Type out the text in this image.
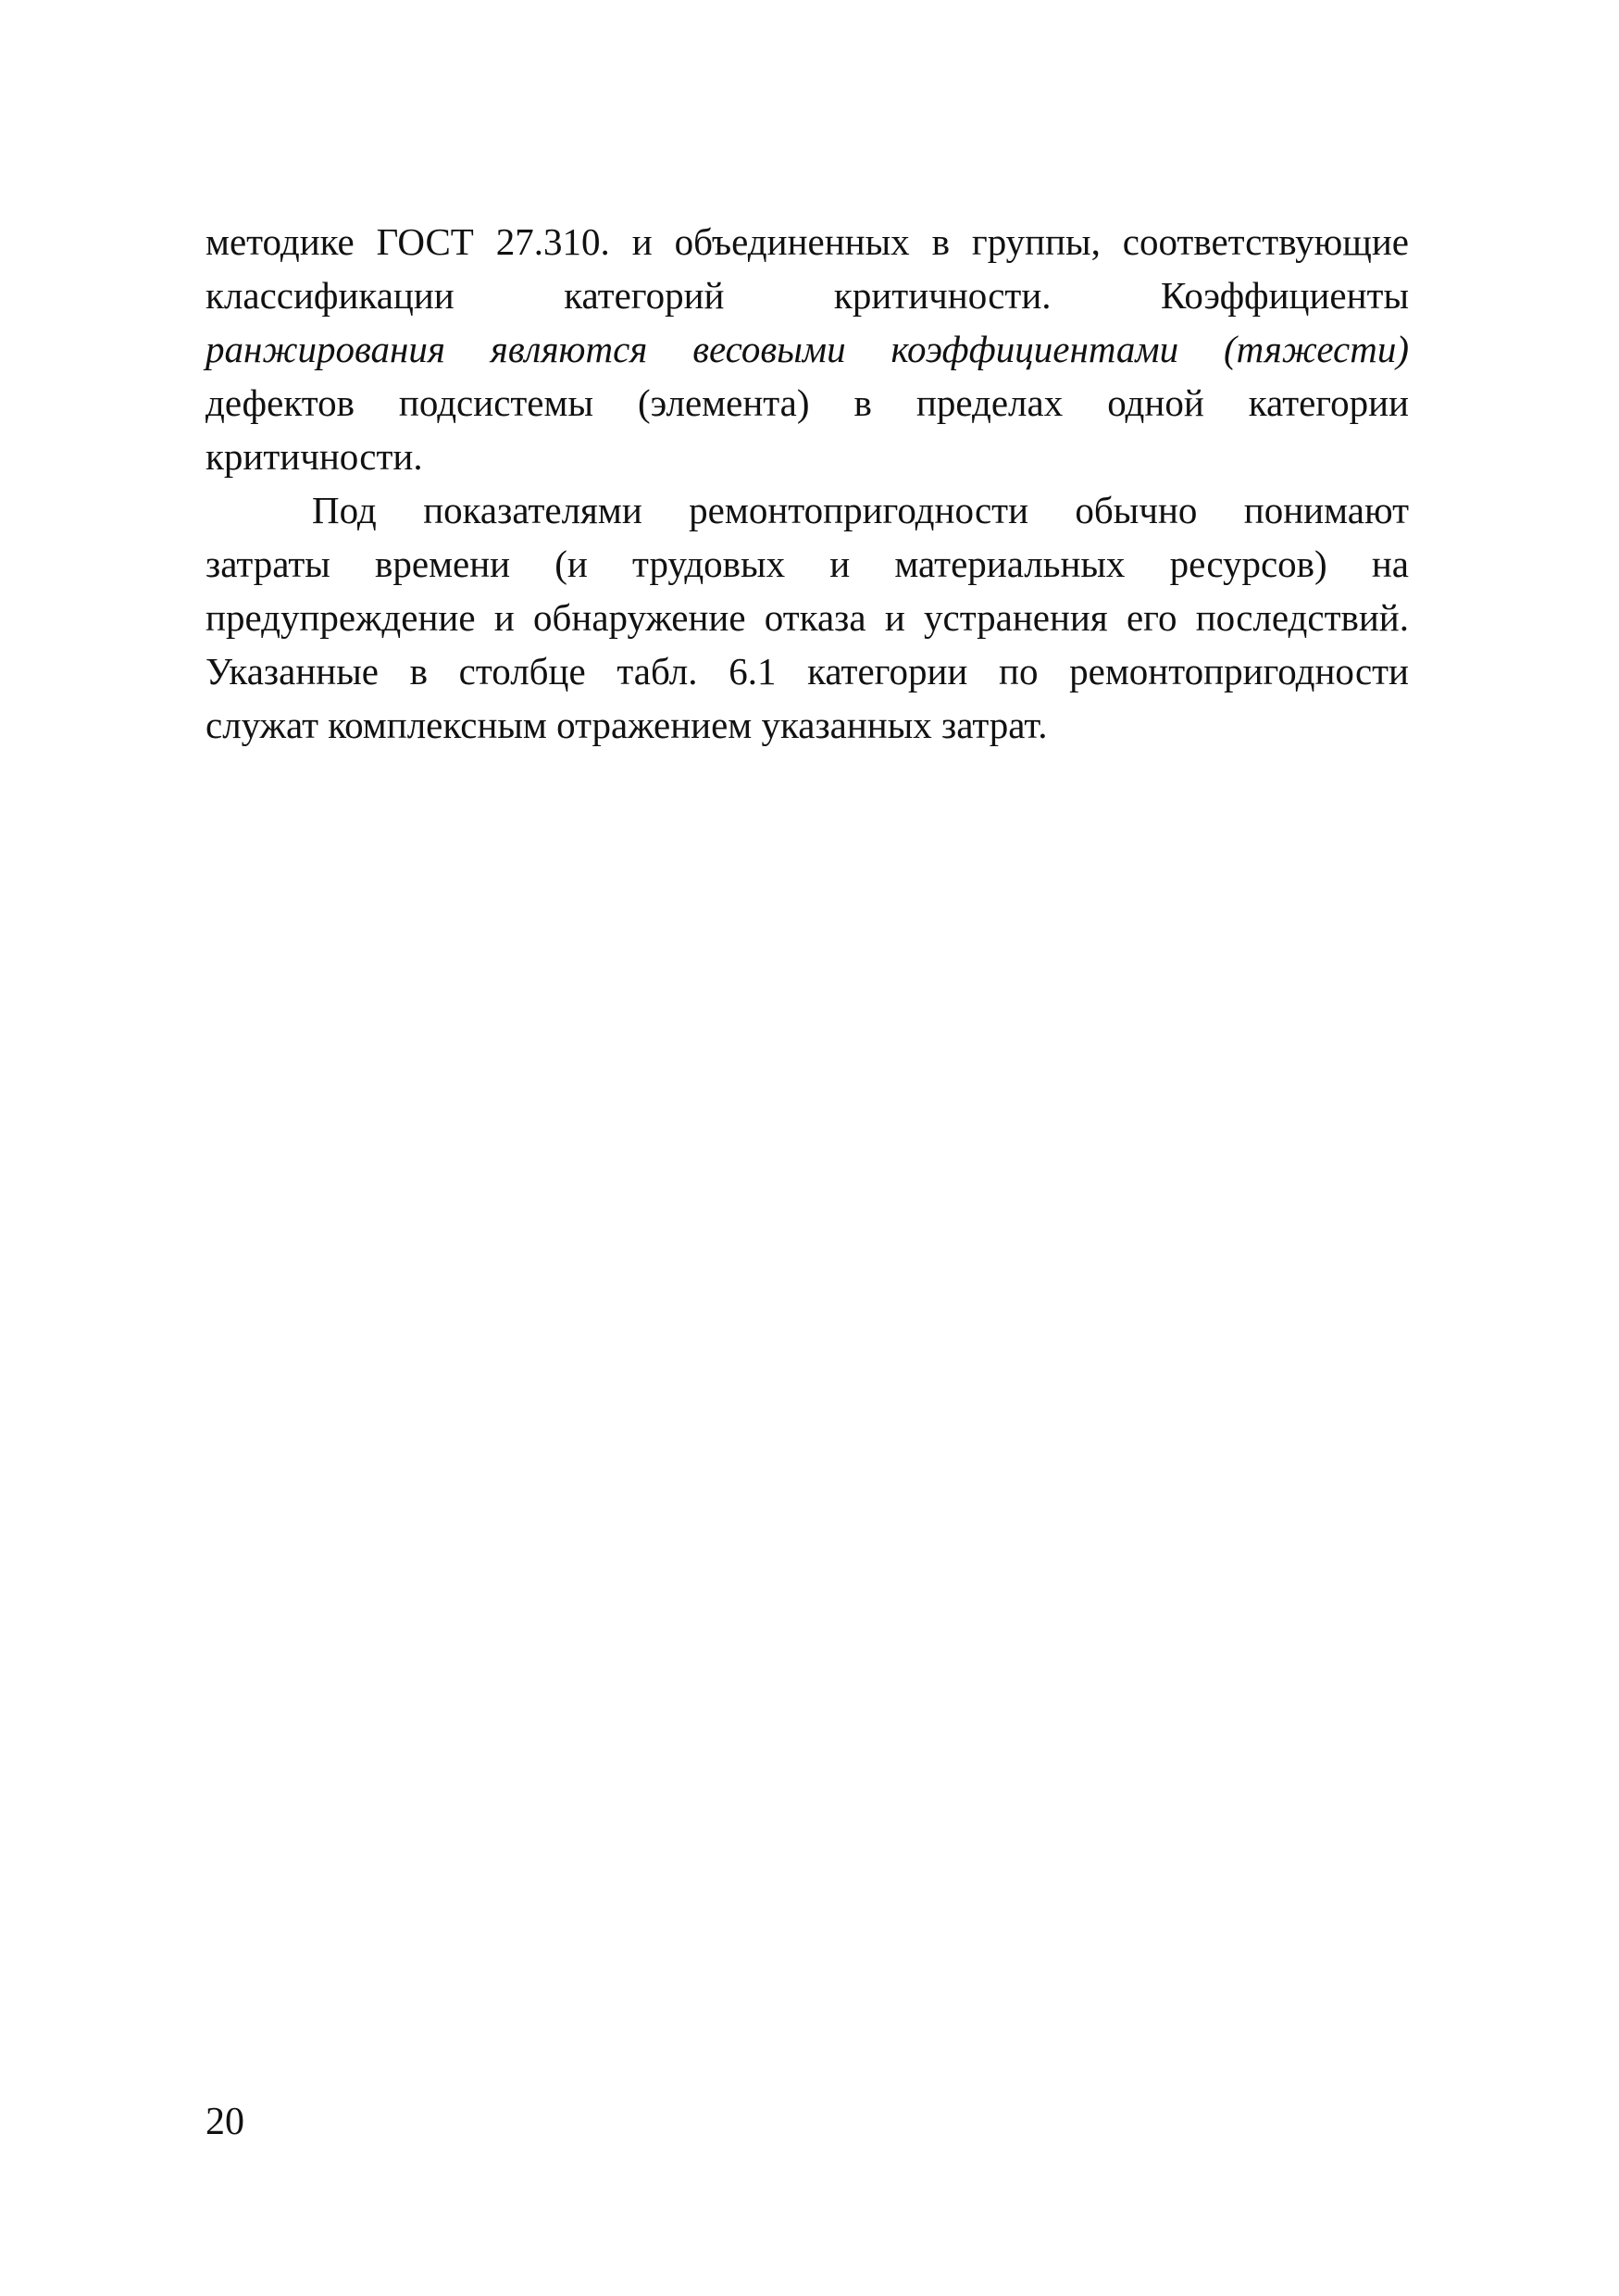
методике ГОСТ 27.310. и объединенных в группы, соответствующие
классификации категорий критичности. Коэффициенты
ранжирования являются весовыми коэффициентами (тяжести)
дефектов подсистемы (элемента) в пределах одной категории
критичности.
Под показателями ремонтопригодности обычно понимают
затраты времени (и трудовых и материальных ресурсов) на
предупреждение и обнаружение отказа и устранения его последствий.
Указанные в столбце табл. 6.1 категории по ремонтопригодности
служат комплексным отражением указанных затрат.
20
